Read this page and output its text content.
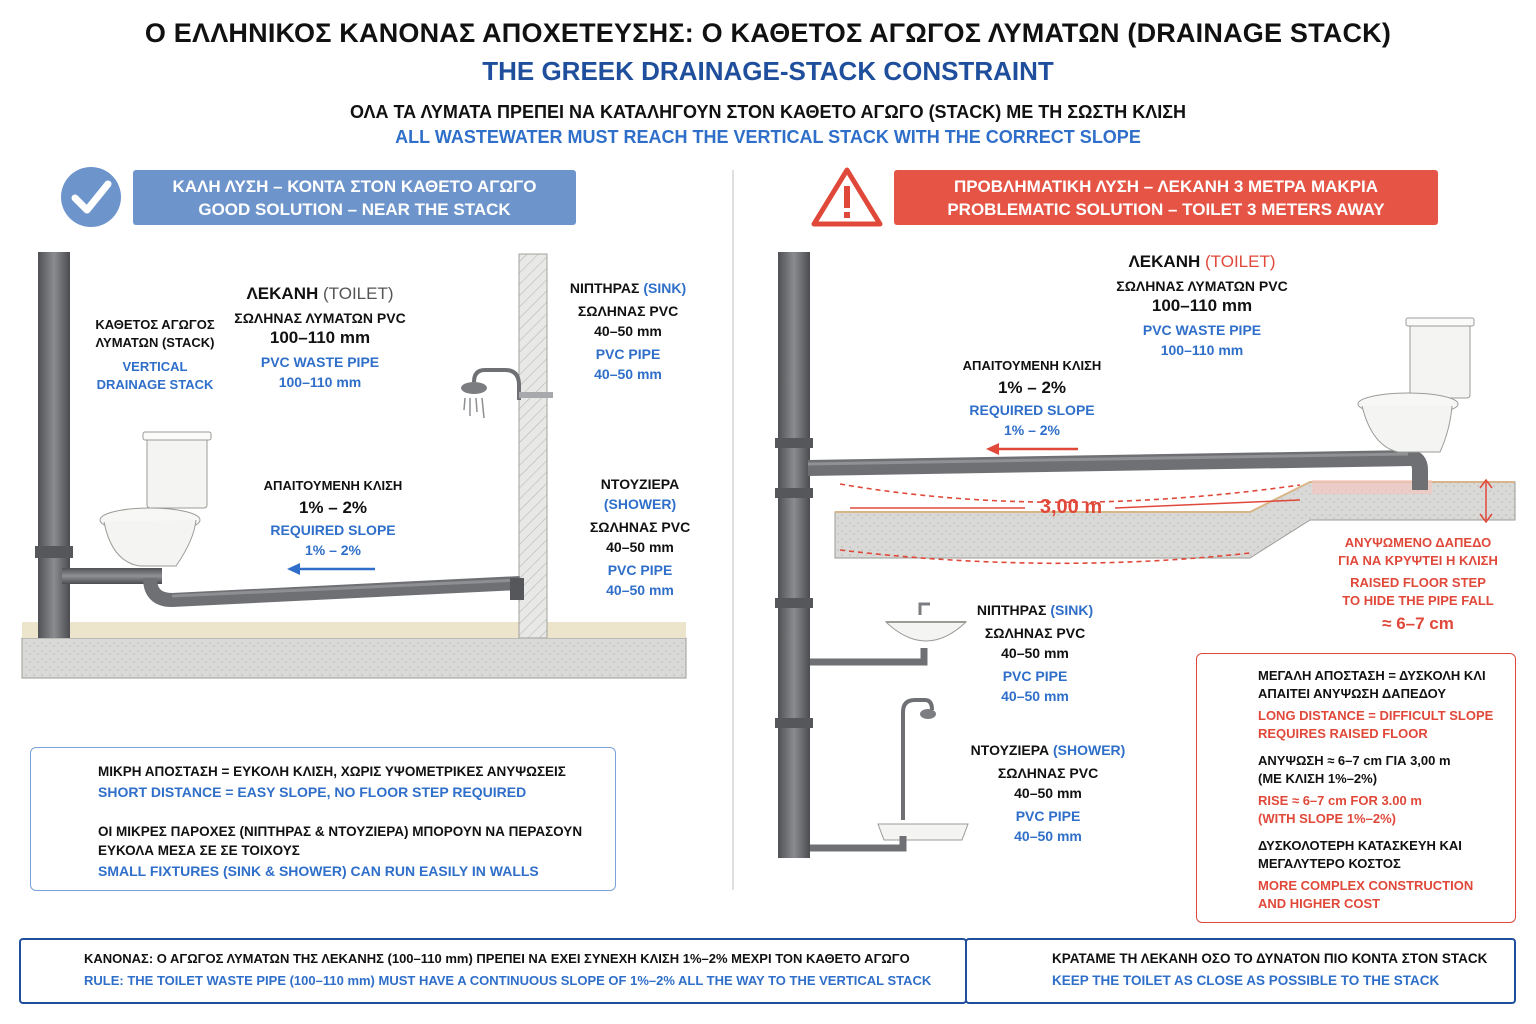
Ο ΕΛΛΗΝΙΚΟΣ ΚΑΝΟΝΑΣ ΑΠΟΧΕΤΕΥΣΗΣ: Ο ΚΑΘΕΤΟΣ ΑΓΩΓΟΣ ΛΥΜΑΤΩΝ (DRAINAGE STACK)
THE GREEK DRAINAGE-STACK CONSTRAINT
ΟΛΑ ΤΑ ΛΥΜΑΤΑ ΠΡΕΠΕΙ ΝΑ ΚΑΤΑΛΗΓΟΥΝ ΣΤΟΝ ΚΑΘΕΤΟ ΑΓΩΓΟ (STACK) ΜΕ ΤΗ ΣΩΣΤΗ ΚΛΙΣΗ
ALL WASTEWATER MUST REACH THE VERTICAL STACK WITH THE CORRECT SLOPE
ΚΑΛΗ ΛΥΣΗ – ΚΟΝΤΑ ΣΤΟΝ ΚΑΘΕΤΟ ΑΓΩΓΟ
GOOD SOLUTION – NEAR THE STACK
ΠΡΟΒΛΗΜΑΤΙΚΗ ΛΥΣΗ – ΛΕΚΑΝΗ 3 ΜΕΤΡΑ ΜΑΚΡΙΑ
PROBLEMATIC SOLUTION – TOILET 3 METERS AWAY
ΚΑΘΕΤΟΣ ΑΓΩΓΟΣ
ΛΥΜΑΤΩΝ (STACK)
VERTICAL
DRAINAGE STACK
ΛΕΚΑΝΗ (TOILET)
ΣΩΛΗΝΑΣ ΛΥΜΑΤΩΝ PVC
100–110 mm
PVC WASTE PIPE
100–110 mm
ΝΙΠΤΗΡΑΣ (SINK)
ΣΩΛΗΝΑΣ PVC
40–50 mm
PVC PIPE
40–50 mm
ΑΠΑΙΤΟΥΜΕΝΗ ΚΛΙΣΗ
1% – 2%
REQUIRED SLOPE
1% – 2%
ΝΤΟΥΖΙΕΡΑ (SHOWER)
ΣΩΛΗΝΑΣ PVC
40–50 mm
PVC PIPE
40–50 mm
ΜΙΚΡΗ ΑΠΟΣΤΑΣΗ = ΕΥΚΟΛΗ ΚΛΙΣΗ, ΧΩΡΙΣ ΥΨΟΜΕΤΡΙΚΕΣ ΑΝΥΨΩΣΕΙΣ
SHORT DISTANCE = EASY SLOPE, NO FLOOR STEP REQUIRED
ΟΙ ΜΙΚΡΕΣ ΠΑΡΟΧΕΣ (ΝΙΠΤΗΡΑΣ & ΝΤΟΥΖΙΕΡΑ) ΜΠΟΡΟΥΝ ΝΑ ΠΕΡΑΣΟΥΝ
ΕΥΚΟΛΑ ΜΕΣΑ ΣΕ ΣΕ ΤΟΙΧΟΥΣ
SMALL FIXTURES (SINK & SHOWER) CAN RUN EASILY IN WALLS
ΛΕΚΑΝΗ (TOILET)
ΣΩΛΗΝΑΣ ΛΥΜΑΤΩΝ PVC
100–110 mm
PVC WASTE PIPE
100–110 mm
ΑΠΑΙΤΟΥΜΕΝΗ ΚΛΙΣΗ
1% – 2%
REQUIRED SLOPE
1% – 2%
3,00 m
ΑΝΥΨΩΜΕΝΟ ΔΑΠΕΔΟ
ΓΙΑ ΝΑ ΚΡΥΨΤΕΙ Η ΚΛΙΣΗ
RAISED FLOOR STEP
TO HIDE THE PIPE FALL
≈ 6–7 cm
ΝΙΠΤΗΡΑΣ (SINK)
ΣΩΛΗΝΑΣ PVC
40–50 mm
PVC PIPE
40–50 mm
ΝΤΟΥΖΙΕΡΑ (SHOWER)
ΣΩΛΗΝΑΣ PVC
40–50 mm
PVC PIPE
40–50 mm
ΜΕΓΑΛΗ ΑΠΟΣΤΑΣΗ = ΔΥΣΚΟΛΗ ΚΛΙ
ΑΠΑΙΤΕΙ ΑΝΥΨΩΣΗ ΔΑΠΕΔΟΥ
LONG DISTANCE = DIFFICULT SLOPE
REQUIRES RAISED FLOOR
ΑΝΥΨΩΣΗ ≈ 6–7 cm ΓΙΑ 3,00 m
(ΜΕ ΚΛΙΣΗ 1%–2%)
RISE ≈ 6–7 cm FOR 3.00 m
(WITH SLOPE 1%–2%)
ΔΥΣΚΟΛΟΤΕΡΗ ΚΑΤΑΣΚΕΥΗ ΚΑΙ
ΜΕΓΑΛΥΤΕΡΟ ΚΟΣΤΟΣ
MORE COMPLEX CONSTRUCTION
AND HIGHER COST
ΚΑΝΟΝΑΣ: Ο ΑΓΩΓΟΣ ΛΥΜΑΤΩΝ ΤΗΣ ΛΕΚΑΝΗΣ (100–110 mm) ΠΡΕΠΕΙ ΝΑ ΕΧΕΙ ΣΥΝΕΧΗ ΚΛΙΣΗ 1%–2% ΜΕΧΡΙ ΤΟΝ ΚΑΘΕΤΟ ΑΓΩΓΟ
RULE: THE TOILET WASTE PIPE (100–110 mm) MUST HAVE A CONTINUOUS SLOPE OF 1%–2% ALL THE WAY TO THE VERTICAL STACK
ΚΡΑΤΑΜΕ ΤΗ ΛΕΚΑΝΗ ΟΣΟ ΤΟ ΔΥΝΑΤΟΝ ΠΙΟ ΚΟΝΤΑ ΣΤΟΝ STACK
KEEP THE TOILET AS CLOSE AS POSSIBLE TO THE STACK
